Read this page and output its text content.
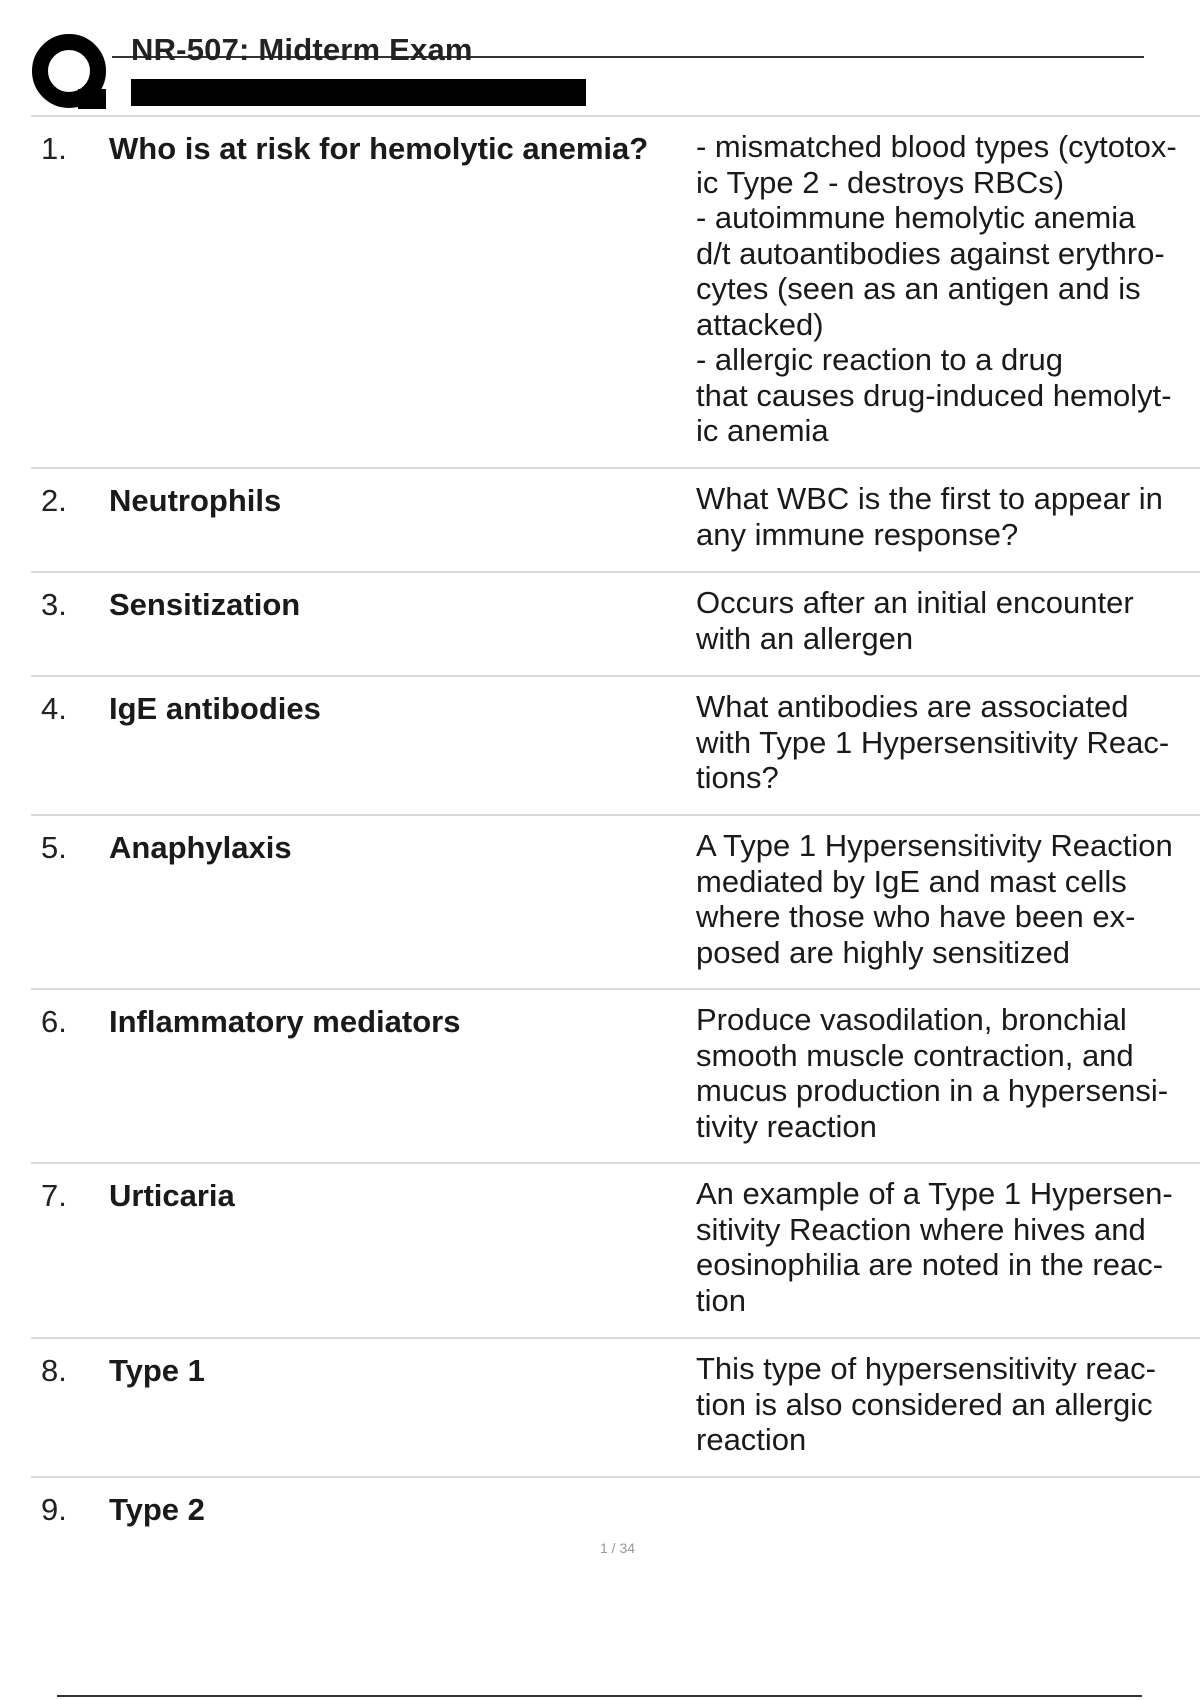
NR-507: Midterm Exam
1. Who is at risk for hemolytic anemia?	- mismatched blood types (cytotox-
ic Type 2 - destroys RBCs)
- autoimmune hemolytic anemia
d/t autoantibodies against erythro-
cytes (seen as an antigen and is
attacked)
- allergic reaction to a drug
that causes drug-induced hemolyt-
ic anemia
2. Neutrophils	What WBC is the first to appear in
any immune response?
3. Sensitization	Occurs after an initial encounter
with an allergen
4. IgE antibodies	What antibodies are associated
with Type 1 Hypersensitivity Reac-
tions?
5. Anaphylaxis	A Type 1 Hypersensitivity Reaction
mediated by IgE and mast cells
where those who have been ex-
posed are highly sensitized
6. Inflammatory mediators	Produce vasodilation, bronchial
smooth muscle contraction, and
mucus production in a hypersensi-
tivity reaction
7. Urticaria	An example of a Type 1 Hypersen-
sitivity Reaction where hives and
eosinophilia are noted in the reac-
tion
8. Type 1	This type of hypersensitivity reac-
tion is also considered an allergic
reaction
9. Type 2
1 / 34
